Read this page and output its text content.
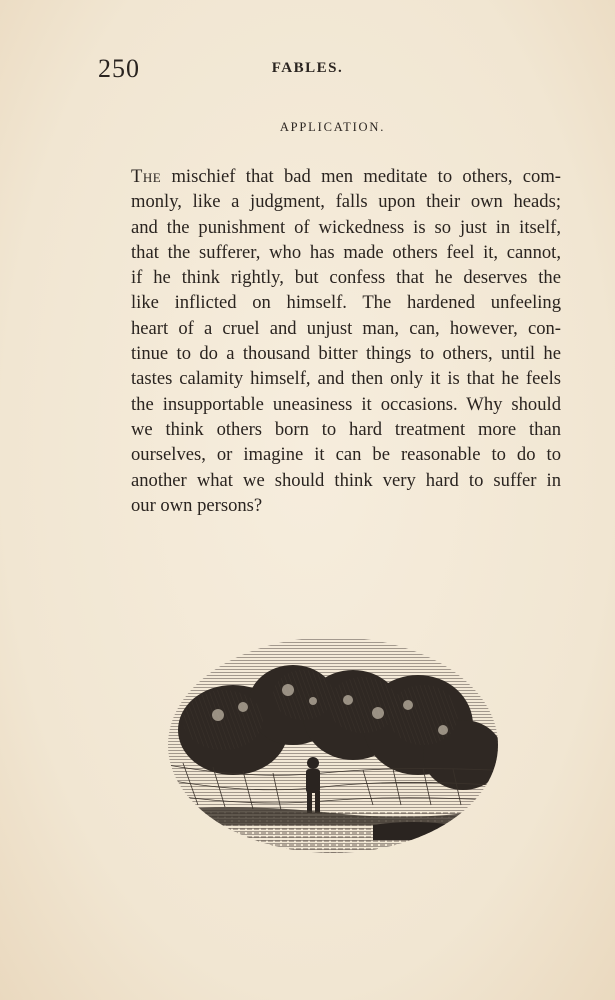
250	FABLES.
APPLICATION.
The mischief that bad men meditate to others, com-
monly, like a judgment, falls upon their own heads;
and the punishment of wickedness is so just in itself,
that the sufferer, who has made others feel it, cannot,
if he think rightly, but confess that he deserves the
like inflicted on himself. The hardened unfeeling
heart of a cruel and unjust man, can, however, con-
tinue to do a thousand bitter things to others, until he
tastes calamity himself, and then only it is that he feels
the insupportable uneasiness it occasions. Why should
we think others born to hard treatment more than
ourselves, or imagine it can be reasonable to do to
another what we should think very hard to suffer in
our own persons?
